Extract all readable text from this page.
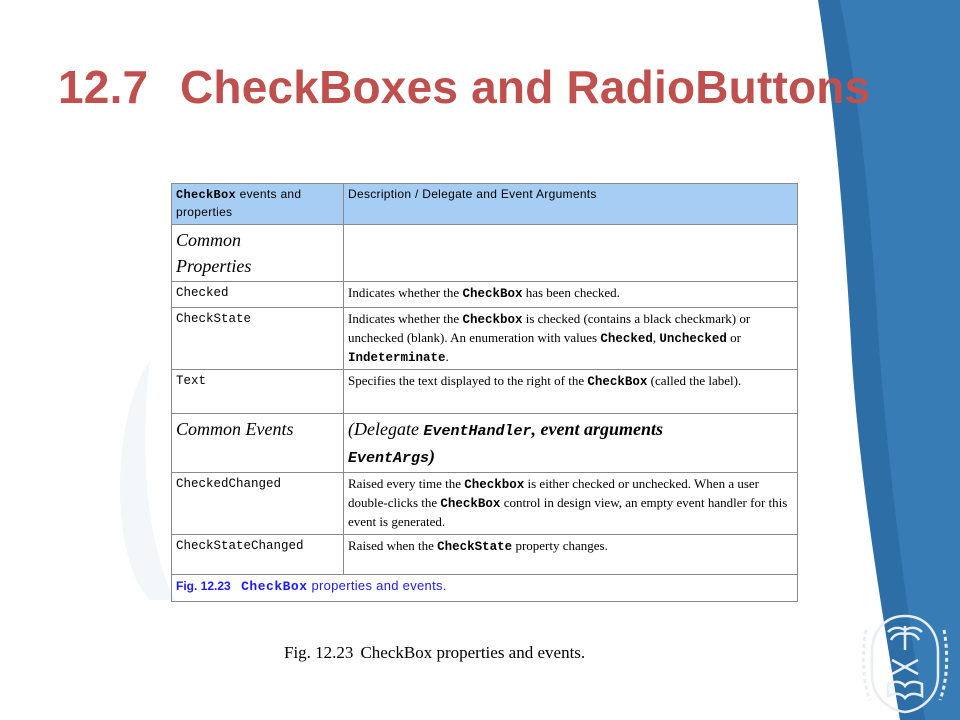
12.7 CheckBoxes and RadioButtons
CheckBox events and
properties	Description / Delegate and Event Arguments
Common
Properties	
Checked	Indicates whether the CheckBox has been checked.
CheckState	Indicates whether the Checkbox is checked (contains a black checkmark) or unchecked (blank). An enumeration with values Checked, Unchecked or Indeterminate.
Text	Specifies the text displayed to the right of the CheckBox (called the label).
Common Events	(Delegate EventHandler, event arguments
EventArgs)
CheckedChanged	Raised every time the Checkbox is either checked or unchecked. When a user double-clicks the CheckBox control in design view, an empty event handler for this event is generated.
CheckStateChanged	Raised when the CheckState property changes.
Fig. 12.23 CheckBox properties and events.	
Fig. 12.23 CheckBox properties and events.
